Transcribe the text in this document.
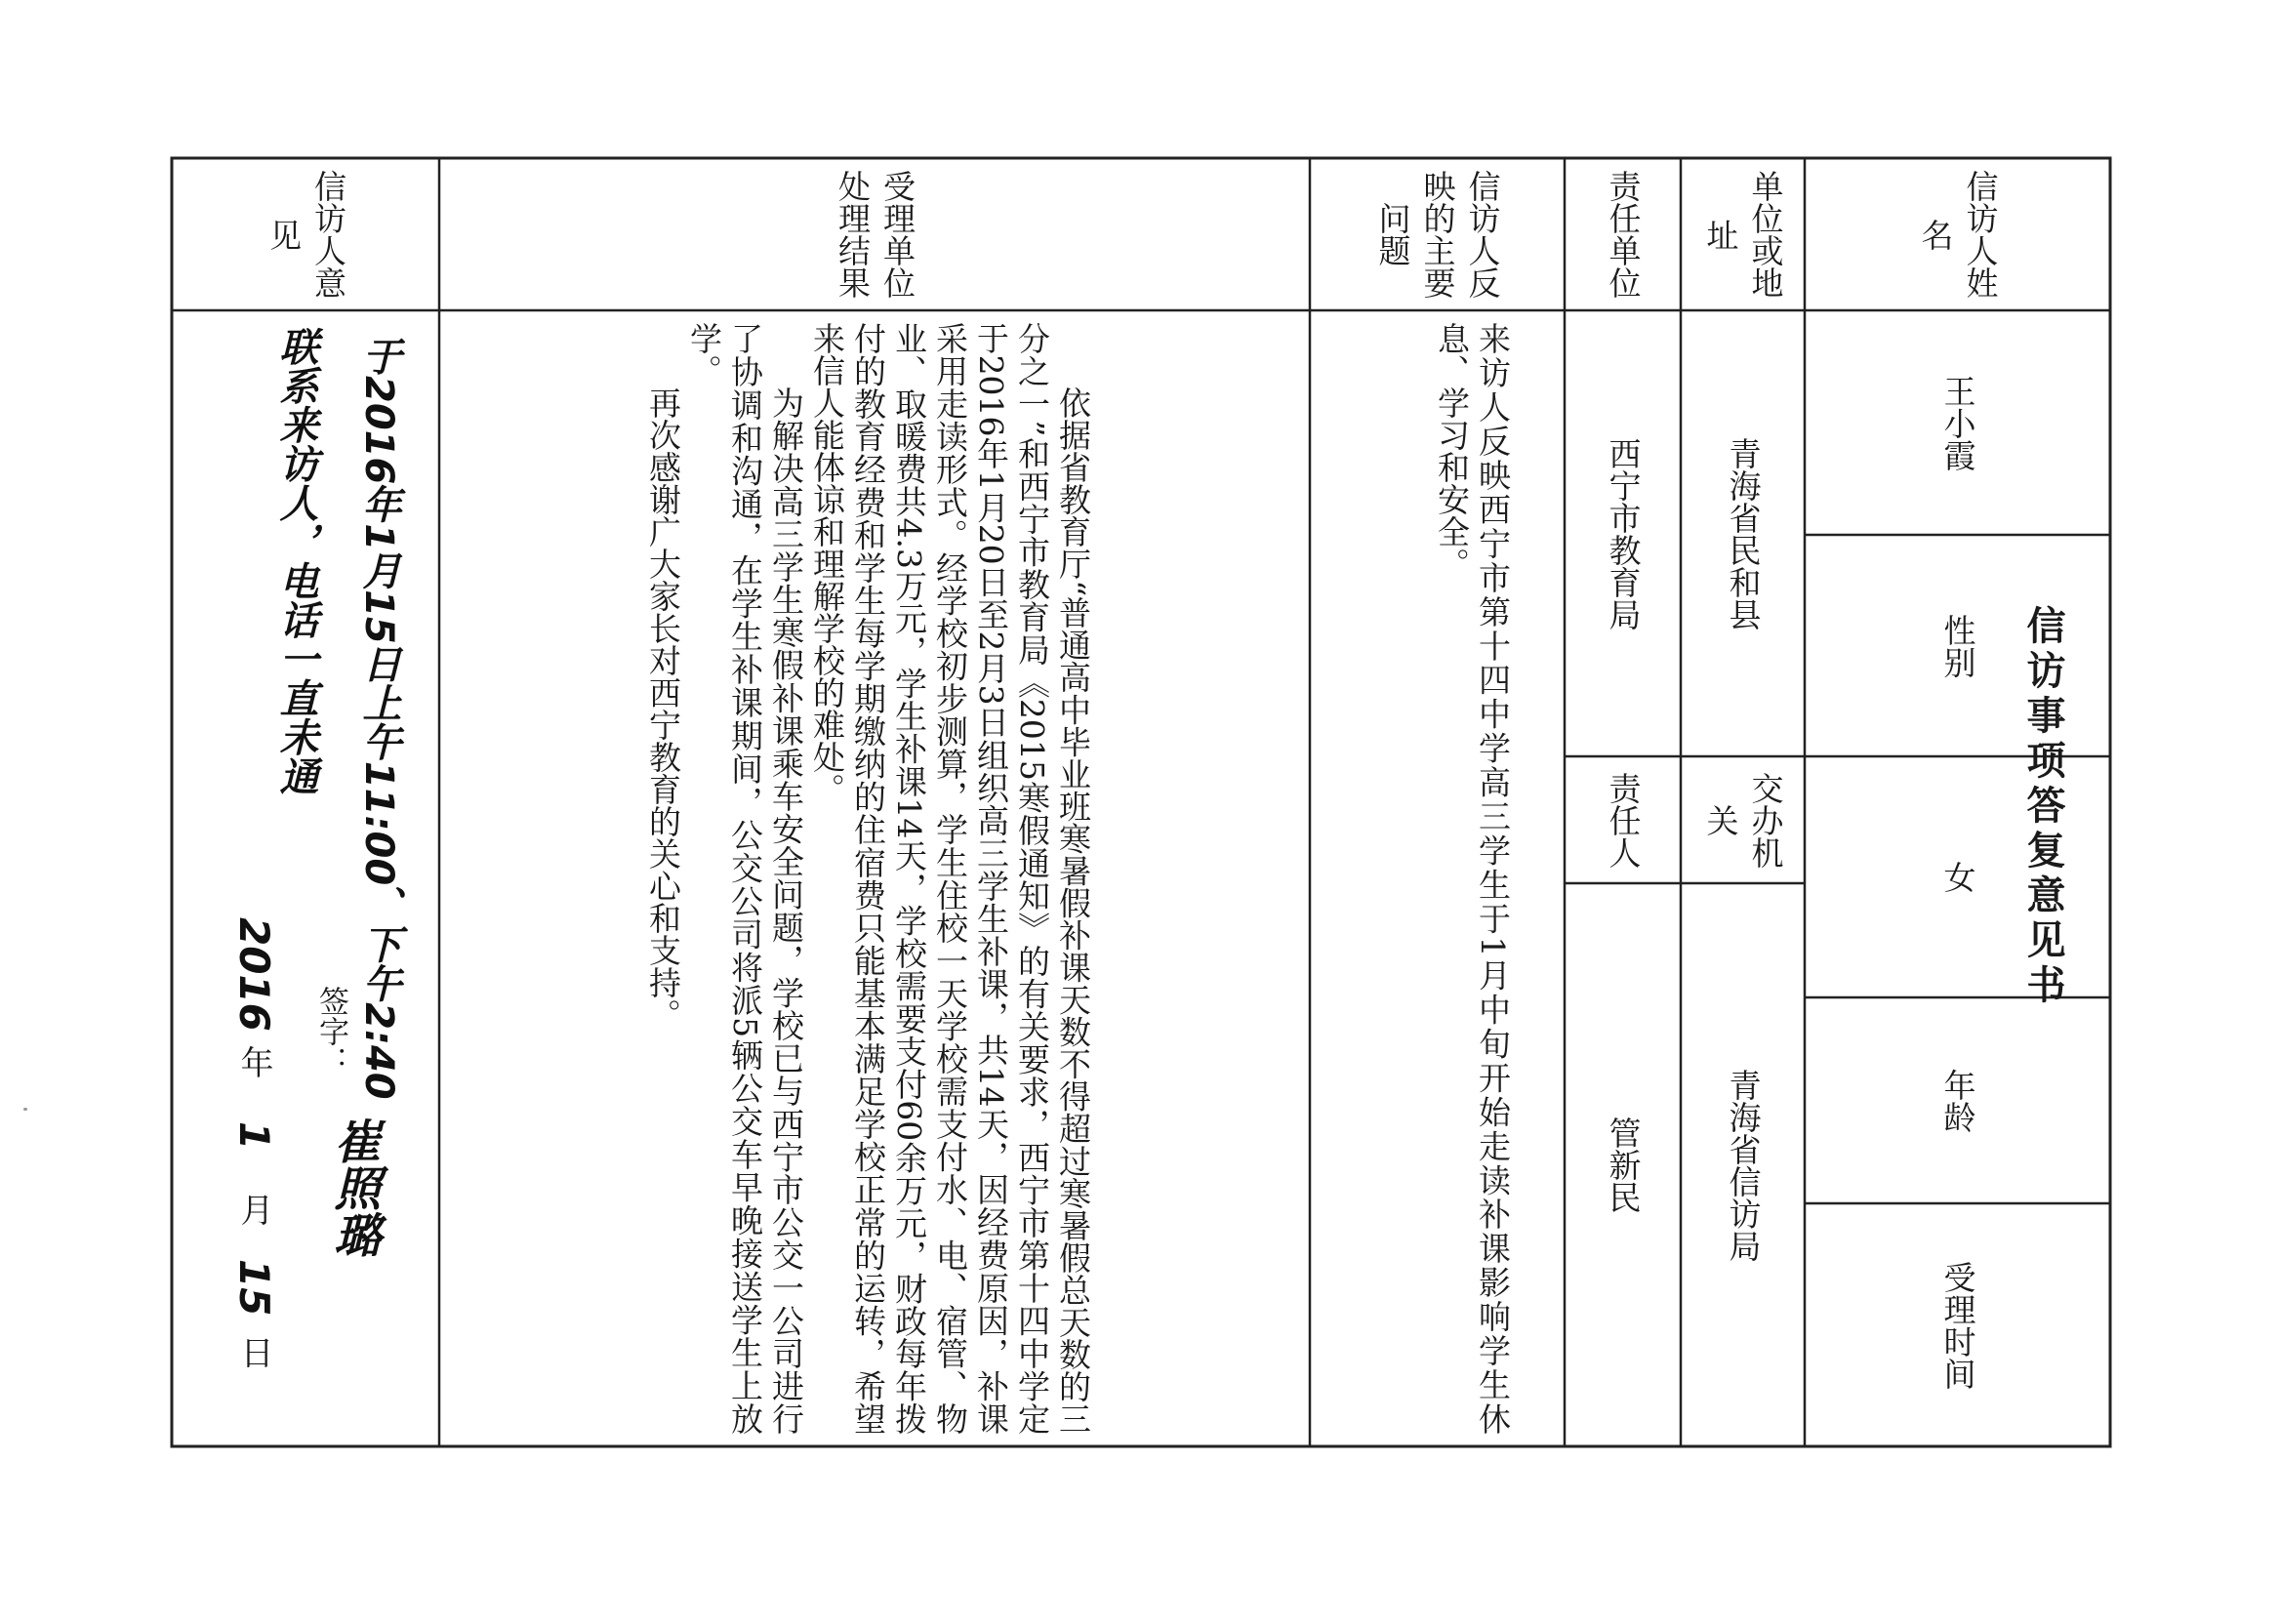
信访事项答复意见书
信访人姓名
王小霞
性别
女
年龄
受理时间
单位或地址
青海省民和县
交办机关
青海省信访局
责任单位
西宁市教育局
责任人
管新民
信访人反映的主要问题
来访人反映西宁市第十四中学高三学生于1月中旬开始走读补课影响学生休息、学习和安全。
受理单位处理结果
依据省教育厅“普通高中毕业班寒暑假补课天数不得超过寒暑假总天数的三分之一”和西宁市教育局《2015寒假通知》的有关要求，西宁市第十四中学定于2016年1月20日至2月3日组织高三学生补课，共14天，因经费原因，补课采用走读形式。经学校初步测算，学生住校一天学校需支付水、电、宿管、物业、取暖费共4.3万元，学生补课14天，学校需要支付60余万元，财政每年拨付的教育经费和学生每学期缴纳的住宿费只能基本满足学校正常的运转，希望来信人能体谅和理解学校的难处。
为解决高三学生寒假补课乘车安全问题，学校已与西宁市公交一公司进行了协调和沟通，在学生补课期间，公交公司将派5辆公交车早晚接送学生上放学。
再次感谢广大家长对西宁教育的关心和支持。
信访人意见
于2016年1月15日上午11:00、下午2:40
联系来访人，电话一直未通
签字：
崔照璐
2016年1月15日
